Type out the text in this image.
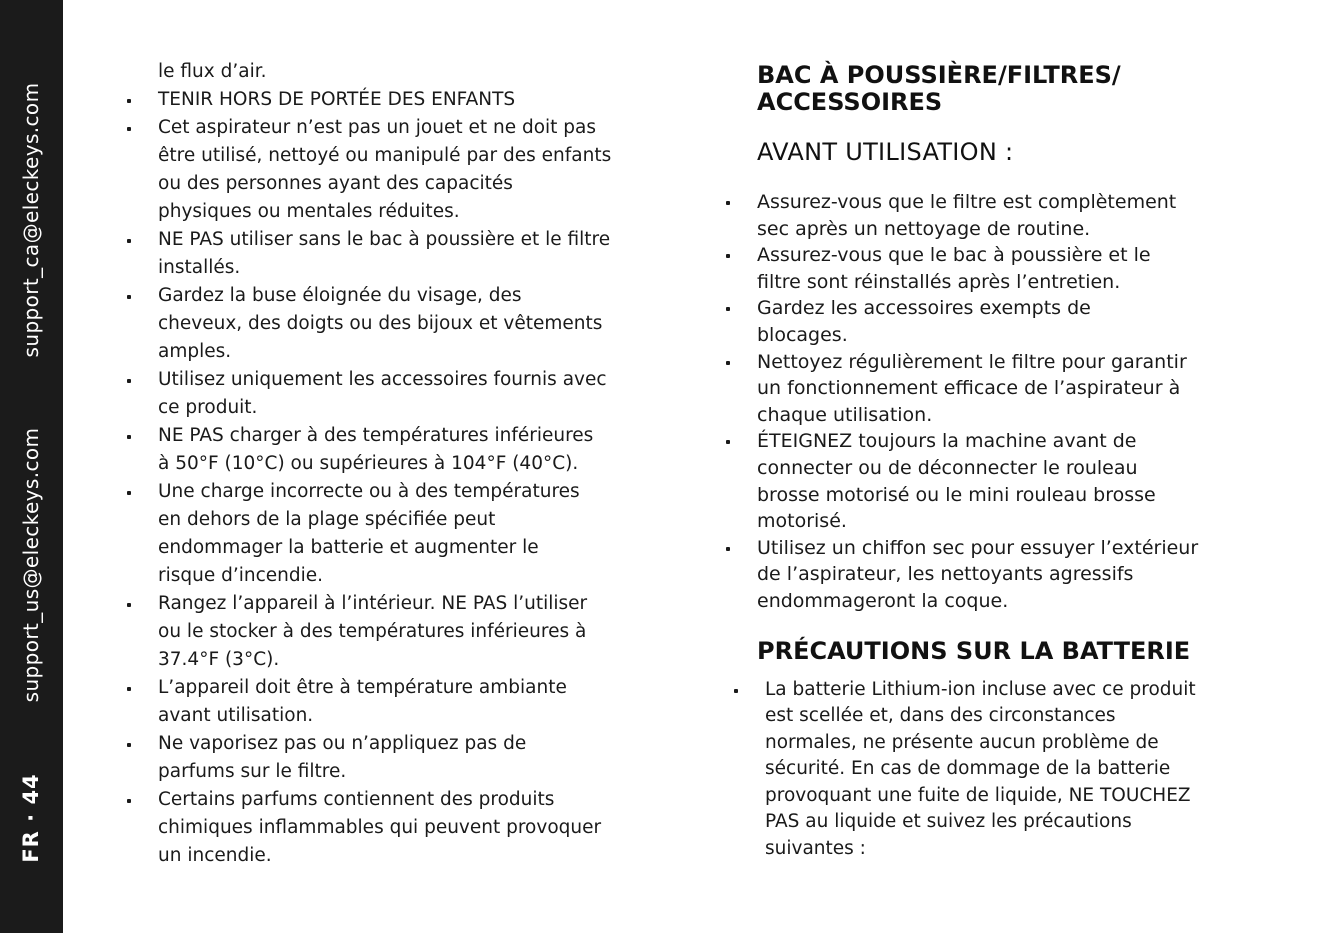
support_ca@eleckeys.com
support_us@eleckeys.com
FR · 44
le flux d’air.
TENIR HORS DE PORTÉE DES ENFANTS
Cet aspirateur n’est pas un jouet et ne doit pas
être utilisé, nettoyé ou manipulé par des enfants
ou des personnes ayant des capacités
physiques ou mentales réduites.
NE PAS utiliser sans le bac à poussière et le filtre
installés.
Gardez la buse éloignée du visage, des
cheveux, des doigts ou des bijoux et vêtements
amples.
Utilisez uniquement les accessoires fournis avec
ce produit.
NE PAS charger à des températures inférieures
à 50°F (10°C) ou supérieures à 104°F (40°C).
Une charge incorrecte ou à des températures
en dehors de la plage spécifiée peut
endommager la batterie et augmenter le
risque d’incendie.
Rangez l’appareil à l’intérieur. NE PAS l’utiliser
ou le stocker à des températures inférieures à
37.4°F (3°C).
L’appareil doit être à température ambiante
avant utilisation.
Ne vaporisez pas ou n’appliquez pas de
parfums sur le filtre.
Certains parfums contiennent des produits
chimiques inflammables qui peuvent provoquer
un incendie.
BAC À POUSSIÈRE/FILTRES/
ACCESSOIRES
AVANT UTILISATION :
Assurez-vous que le filtre est complètement
sec après un nettoyage de routine.
Assurez-vous que le bac à poussière et le
filtre sont réinstallés après l’entretien.
Gardez les accessoires exempts de
blocages.
Nettoyez régulièrement le filtre pour garantir
un fonctionnement efficace de l’aspirateur à
chaque utilisation.
ÉTEIGNEZ toujours la machine avant de
connecter ou de déconnecter le rouleau
brosse motorisé ou le mini rouleau brosse
motorisé.
Utilisez un chiffon sec pour essuyer l’extérieur
de l’aspirateur, les nettoyants agressifs
endommageront la coque.
PRÉCAUTIONS SUR LA BATTERIE
La batterie Lithium-ion incluse avec ce produit
est scellée et, dans des circonstances
normales, ne présente aucun problème de
sécurité. En cas de dommage de la batterie
provoquant une fuite de liquide, NE TOUCHEZ
PAS au liquide et suivez les précautions
suivantes :
